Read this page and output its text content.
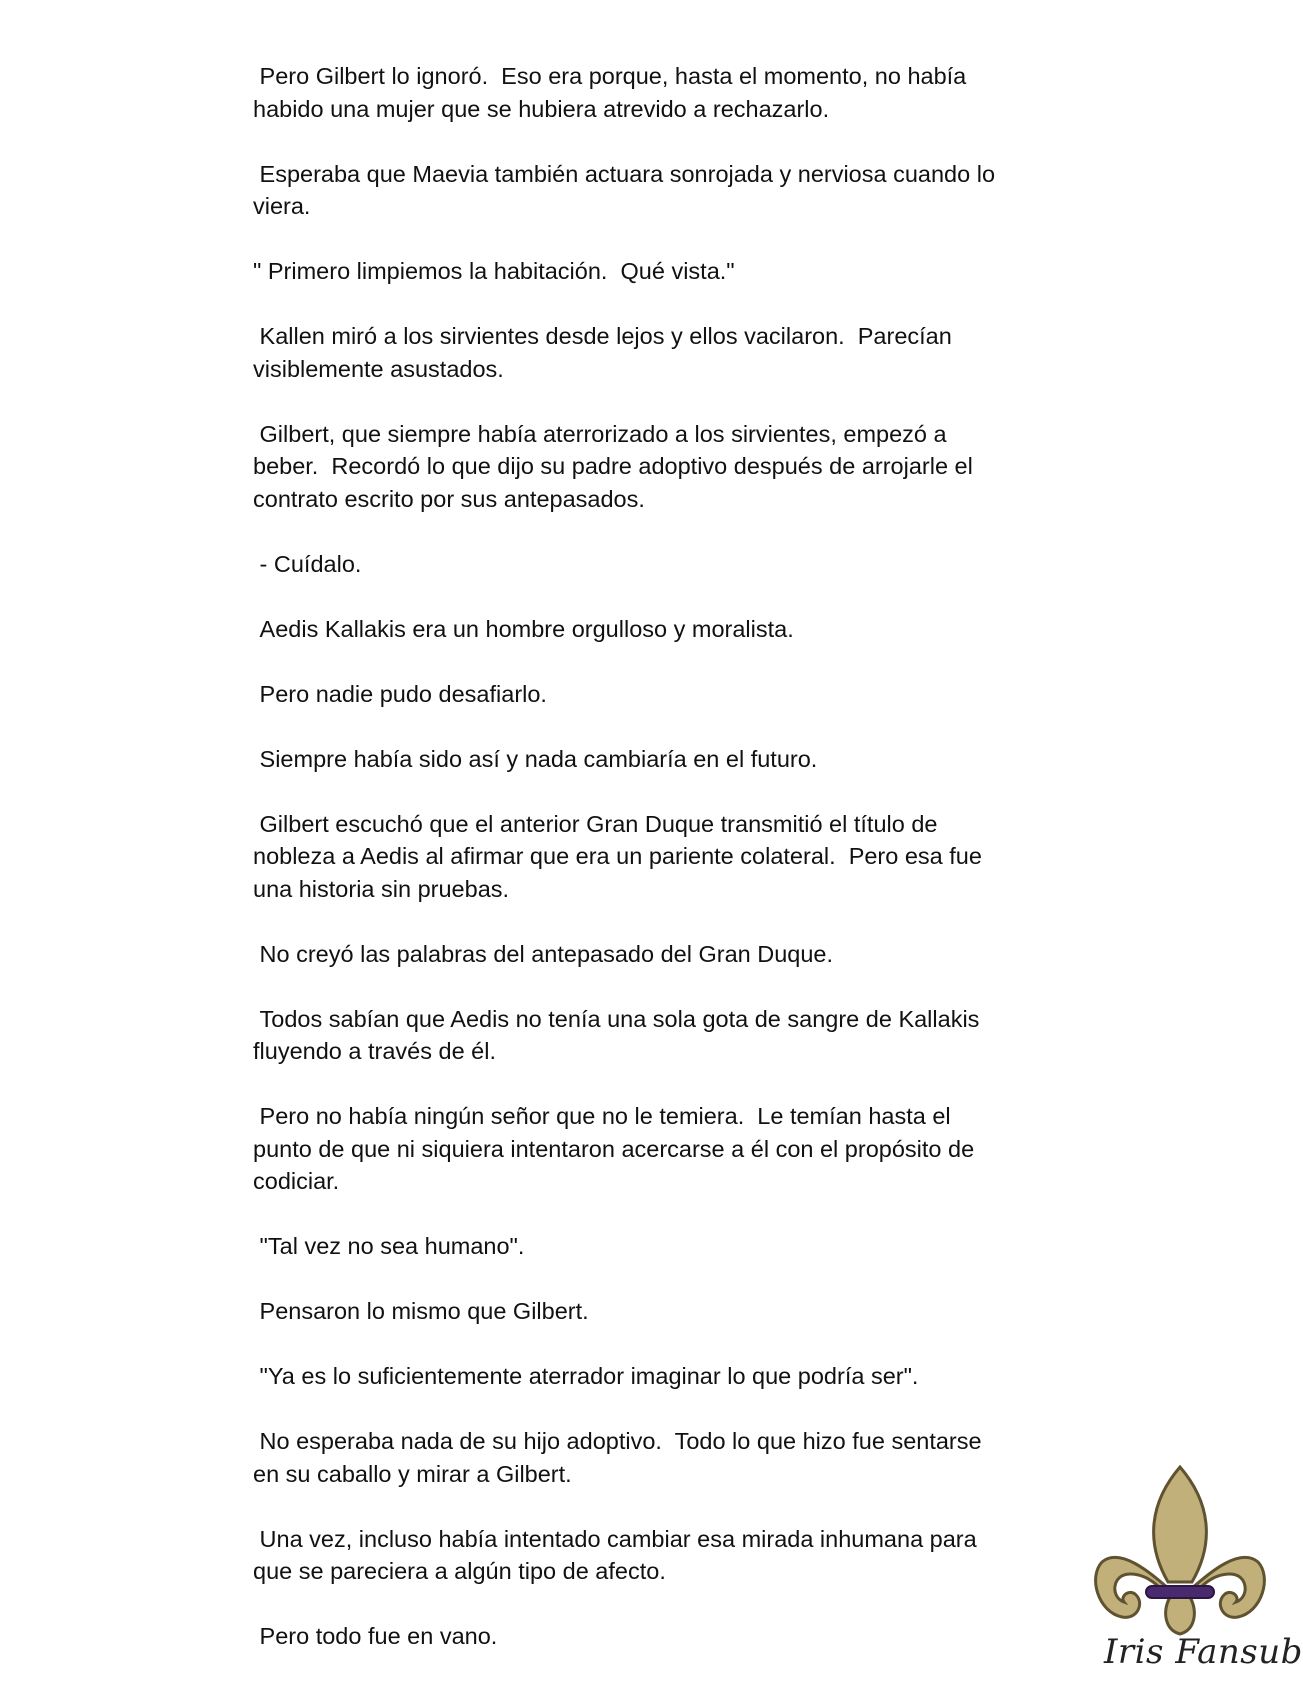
Pero Gilbert lo ignoró.  Eso era porque, hasta el momento, no había
habido una mujer que se hubiera atrevido a rechazarlo.

Esperaba que Maevia también actuara sonrojada y nerviosa cuando lo
viera.

" Primero limpiemos la habitación.  Qué vista."

Kallen miró a los sirvientes desde lejos y ellos vacilaron.  Parecían
visiblemente asustados.

Gilbert, que siempre había aterrorizado a los sirvientes, empezó a
beber.  Recordó lo que dijo su padre adoptivo después de arrojarle el
contrato escrito por sus antepasados.

- Cuídalo.

Aedis Kallakis era un hombre orgulloso y moralista.

Pero nadie pudo desafiarlo.

Siempre había sido así y nada cambiaría en el futuro.

Gilbert escuchó que el anterior Gran Duque transmitió el título de
nobleza a Aedis al afirmar que era un pariente colateral.  Pero esa fue
una historia sin pruebas.

No creyó las palabras del antepasado del Gran Duque.

Todos sabían que Aedis no tenía una sola gota de sangre de Kallakis
fluyendo a través de él.

Pero no había ningún señor que no le temiera.  Le temían hasta el
punto de que ni siquiera intentaron acercarse a él con el propósito de
codiciar.

"Tal vez no sea humano".

Pensaron lo mismo que Gilbert.

"Ya es lo suficientemente aterrador imaginar lo que podría ser".

No esperaba nada de su hijo adoptivo.  Todo lo que hizo fue sentarse
en su caballo y mirar a Gilbert.

Una vez, incluso había intentado cambiar esa mirada inhumana para
que se pareciera a algún tipo de afecto.

Pero todo fue en vano.	Iris Fansub
